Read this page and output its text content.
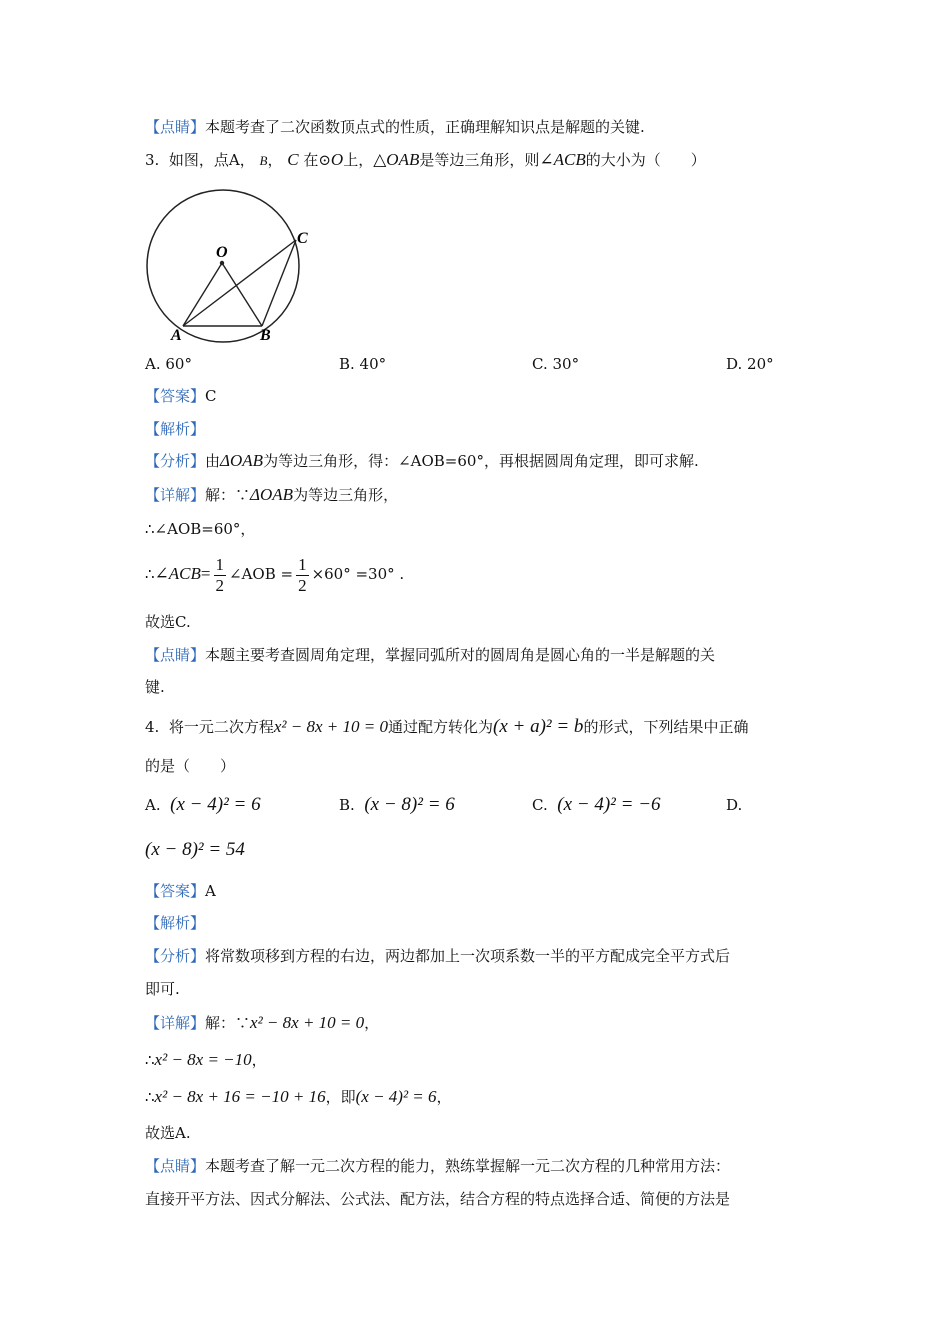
【点睛】本题考查了二次函数顶点式的性质，正确理解知识点是解题的关键.
3. 如图，点A， B， C 在⊙O上，△OAB是等边三角形，则∠ACB的大小为（　　）
O
A	B
C
A. 60°	B. 40°	C. 30°	D. 20°
【答案】C
【解析】
【分析】由ΔOAB为等边三角形，得：∠AOB=60°，再根据圆周角定理，即可求解.
【详解】解：∵ΔOAB为等边三角形，
∴∠AOB=60°，
∴∠ACB= $\frac{1}{2}$ ∠AOB = $\frac{1}{2} \times 60^\circ =30^\circ$ .
故选C.
【点睛】本题主要考查圆周角定理，掌握同弧所对的圆周角是圆心角的一半是解题的关
键.
4. 将一元二次方程x² − 8x + 10 = 0通过配方转化为(x + a)² = b的形式，下列结果中正确
的是（　　）
A. (x − 4)² = 6	B. (x − 8)² = 6	C. (x − 4)² = −6	D.
(x − 8)² = 54
【答案】A
【解析】
【分析】将常数项移到方程的右边，两边都加上一次项系数一半的平方配成完全平方式后
即可.
【详解】解：∵x² − 8x + 10 = 0，
∴x² − 8x = −10，
∴x² − 8x + 16 = −10 + 16，即(x − 4)² = 6，
故选A.
【点睛】本题考查了解一元二次方程的能力，熟练掌握解一元二次方程的几种常用方法：
直接开平方法、因式分解法、公式法、配方法，结合方程的特点选择合适、简便的方法是
